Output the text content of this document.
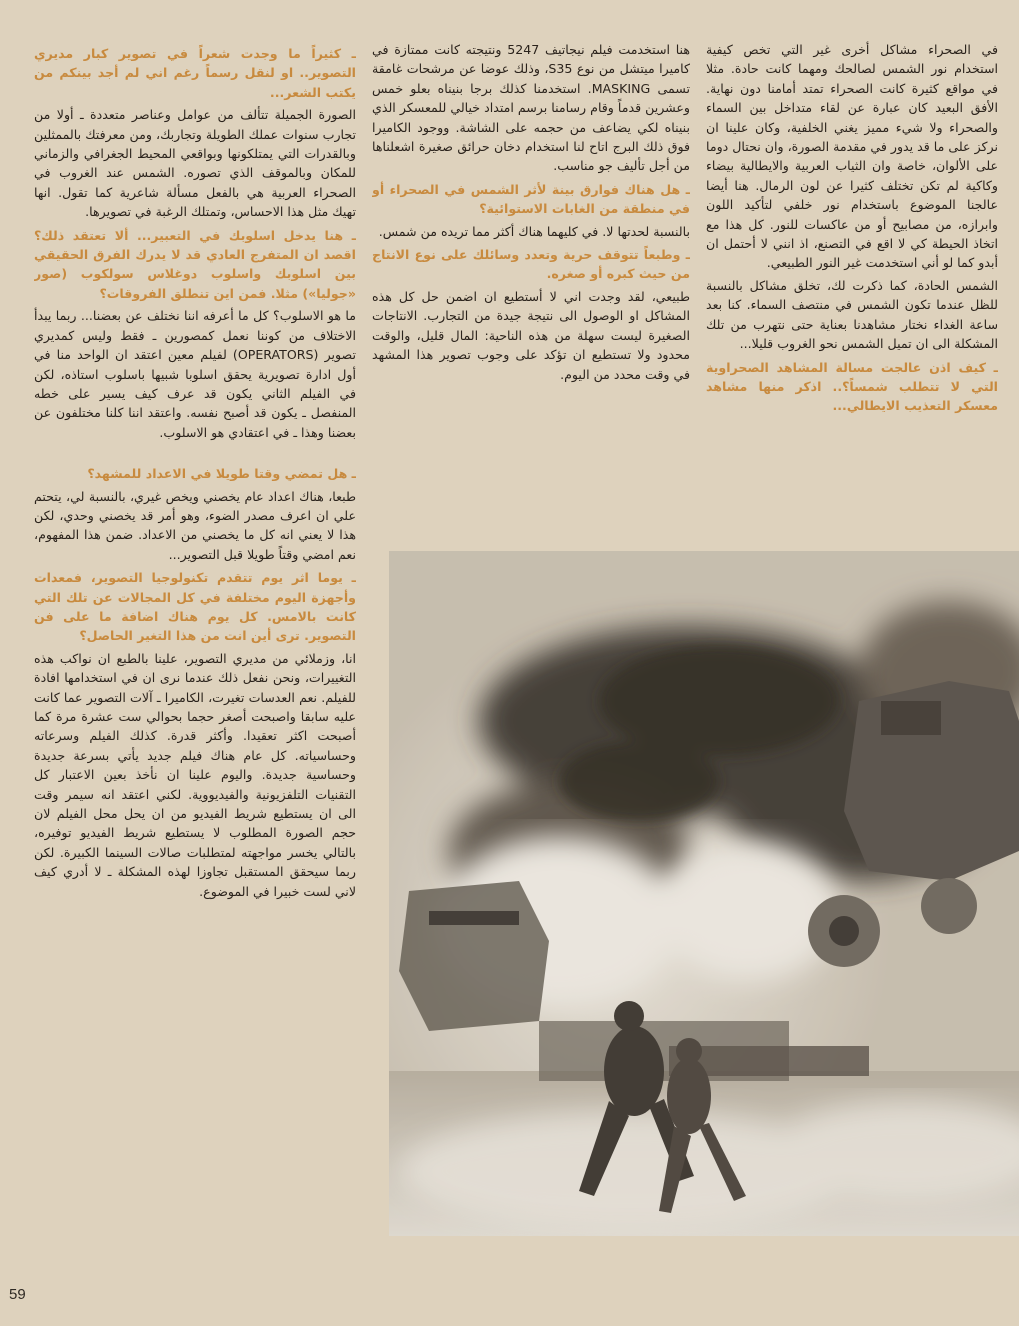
في الصحراء مشاكل أخرى غير التي تخص كيفية استخدام نور الشمس لصالحك ومهما كانت حادة. مثلا في مواقع كثيرة كانت الصحراء تمتد أمامنا دون نهاية. الأفق البعيد كان عبارة عن لقاء متداخل بين السماء والصحراء ولا شيء مميز يغني الخلفية، وكان علينا ان نركز على ما قد يدور في مقدمة الصورة، وان نحتال دوما على الألوان، خاصة وان الثياب العربية والايطالية بيضاء وكاكية لم تكن تختلف كثيرا عن لون الرمال. هنا أيضا عالجنا الموضوع باستخدام نور خلفي لتأكيد اللون وابرازه، من مصابيح أو من عاكسات للنور. كل هذا مع اتخاذ الحيطة كي لا اقع في التصنع، اذ انني لا أحتمل ان أبدو كما لو أني استخدمت غير النور الطبيعي.

الشمس الحادة، كما ذكرت لك، تخلق مشاكل بالنسبة للظل عندما تكون الشمس في منتصف السماء. كنا بعد ساعة الغداء نختار مشاهدنا بعناية حتى نتهرب من تلك المشكلة الى ان تميل الشمس نحو الغروب قليلا...

ـ كيف اذن عالجت مسالة المشاهد الصحراوية التي لا تتطلب شمساً؟.. اذكر منها مشاهد معسكر التعذيب الايطالي...

هنا استخدمت فيلم نيجاتيف 5247 ونتيجته كانت ممتازة في كاميرا ميتشل من نوع S35، وذلك عوضا عن مرشحات غامقة تسمى MASKING. استخدمنا كذلك برجا بنيناه بعلو خمس وعشرين قدماً وقام رسامنا برسم امتداد خيالي للمعسكر الذي بنيناه لكي يضاعف من حجمه على الشاشة. ووجود الكاميرا فوق ذلك البرج اتاح لنا استخدام دخان حرائق صغيرة اشعلناها من أجل تأليف جو مناسب.

ـ هل هناك فوارق بينة لأثر الشمس في الصحراء أو في منطقة من الغابات الاستوائية؟

بالنسبة لحدتها لا. في كليهما هناك أكثر مما تريده من شمس.

ـ وطبعاً تتوقف حرية وتعدد وسائلك على نوع الانتاج من حيث كبره أو صغره.

طبيعي، لقد وجدت اني لا أستطيع ان اضمن حل كل هذه المشاكل او الوصول الى نتيجة جيدة من التجارب. الانتاجات الصغيرة ليست سهلة من هذه الناحية: المال قليل، والوقت محدود ولا تستطيع ان تؤكد على وجوب تصوير هذا المشهد في وقت محدد من اليوم.

ـ كثيراً ما وجدت شعراً في تصوير كبار مديري التصوير.. او لنقل رسماً رغم اني لم أجد بينكم من يكتب الشعر...

الصورة الجميلة تتألف من عوامل وعناصر متعددة ـ أولا من تجارب سنوات عملك الطويلة وتجاربك، ومن معرفتك بالممثلين وبالقدرات التي يمتلكونها وبواقعي المحيط الجغرافي والزماني للمكان وبالموقف الذي تصوره. الشمس عند الغروب في الصحراء العربية هي بالفعل مسألة شاعرية كما تقول. انها تهيك مثل هذا الاحساس، وتمتلك الرغبة في تصويرها.

ـ هنا يدخل اسلوبك في التعبير... ألا تعتقد ذلك؟ اقصد ان المتفرج العادي قد لا يدرك الفرق الحقيقي بين اسلوبك واسلوب دوغلاس سولكوب (صور «جوليا») مثلا. فمن اين تنطلق الفروقات؟

ما هو الاسلوب؟ كل ما أعرفه اننا نختلف عن بعضنا... ربما يبدأ الاختلاف من كوننا نعمل كمصورين ـ فقط وليس كمديري تصوير (OPERATORS) لفيلم معين اعتقد ان الواحد منا في أول ادارة تصويرية يحقق اسلوبا شبيها باسلوب استاذه، لكن في الفيلم الثاني يكون قد عرف كيف يسير على خطه المنفصل ـ يكون قد أصبح نفسه. واعتقد اننا كلنا مختلفون عن بعضنا وهذا ـ في اعتقادي هو الاسلوب.

ـ هل تمضي وقتا طويلا في الاعداد للمشهد؟

طبعا، هناك اعداد عام يخصني ويخص غيري، بالنسبة لي، يتحتم علي ان اعرف مصدر الضوء، وهو أمر قد يخصني وحدي، لكن هذا لا يعني انه كل ما يخصني من الاعداد. ضمن هذا المفهوم، نعم امضي وقتاً طويلا قبل التصوير...

ـ يوما اثر يوم تتقدم تكنولوجيا التصوير، فمعدات وأجهزة اليوم مختلفة في كل المجالات عن تلك التي كانت بالامس. كل يوم هناك اضافة ما على فن التصوير. ترى أين انت من هذا التغير الحاصل؟

انا، وزملائي من مديري التصوير، علينا بالطبع ان نواكب هذه التغييرات، ونحن نفعل ذلك عندما نرى ان في استخدامها افادة للفيلم. نعم العدسات تغيرت، الكاميرا ـ آلات التصوير عما كانت عليه سابقا واصبحت أصغر حجما بحوالي ست عشرة مرة كما أصبحت اكثر تعقيدا. وأكثر قدرة. كذلك الفيلم وسرعاته وحساسياته. كل عام هناك فيلم جديد يأتي بسرعة جديدة وحساسية جديدة. واليوم علينا ان نأخذ بعين الاعتبار كل التقنيات التلفزيونية والفيديووية. لكني اعتقد انه سيمر وقت الى ان يستطيع شريط الفيديو من ان يحل محل الفيلم لان حجم الصورة المطلوب لا يستطيع شريط الفيديو توفيره، بالتالي يخسر مواجهته لمتطلبات صالات السينما الكبيرة. لكن ربما سيحقق المستقبل تجاوزا لهذه المشكلة ـ لا أدري كيف لاني لست خبيرا في الموضوع.

59
